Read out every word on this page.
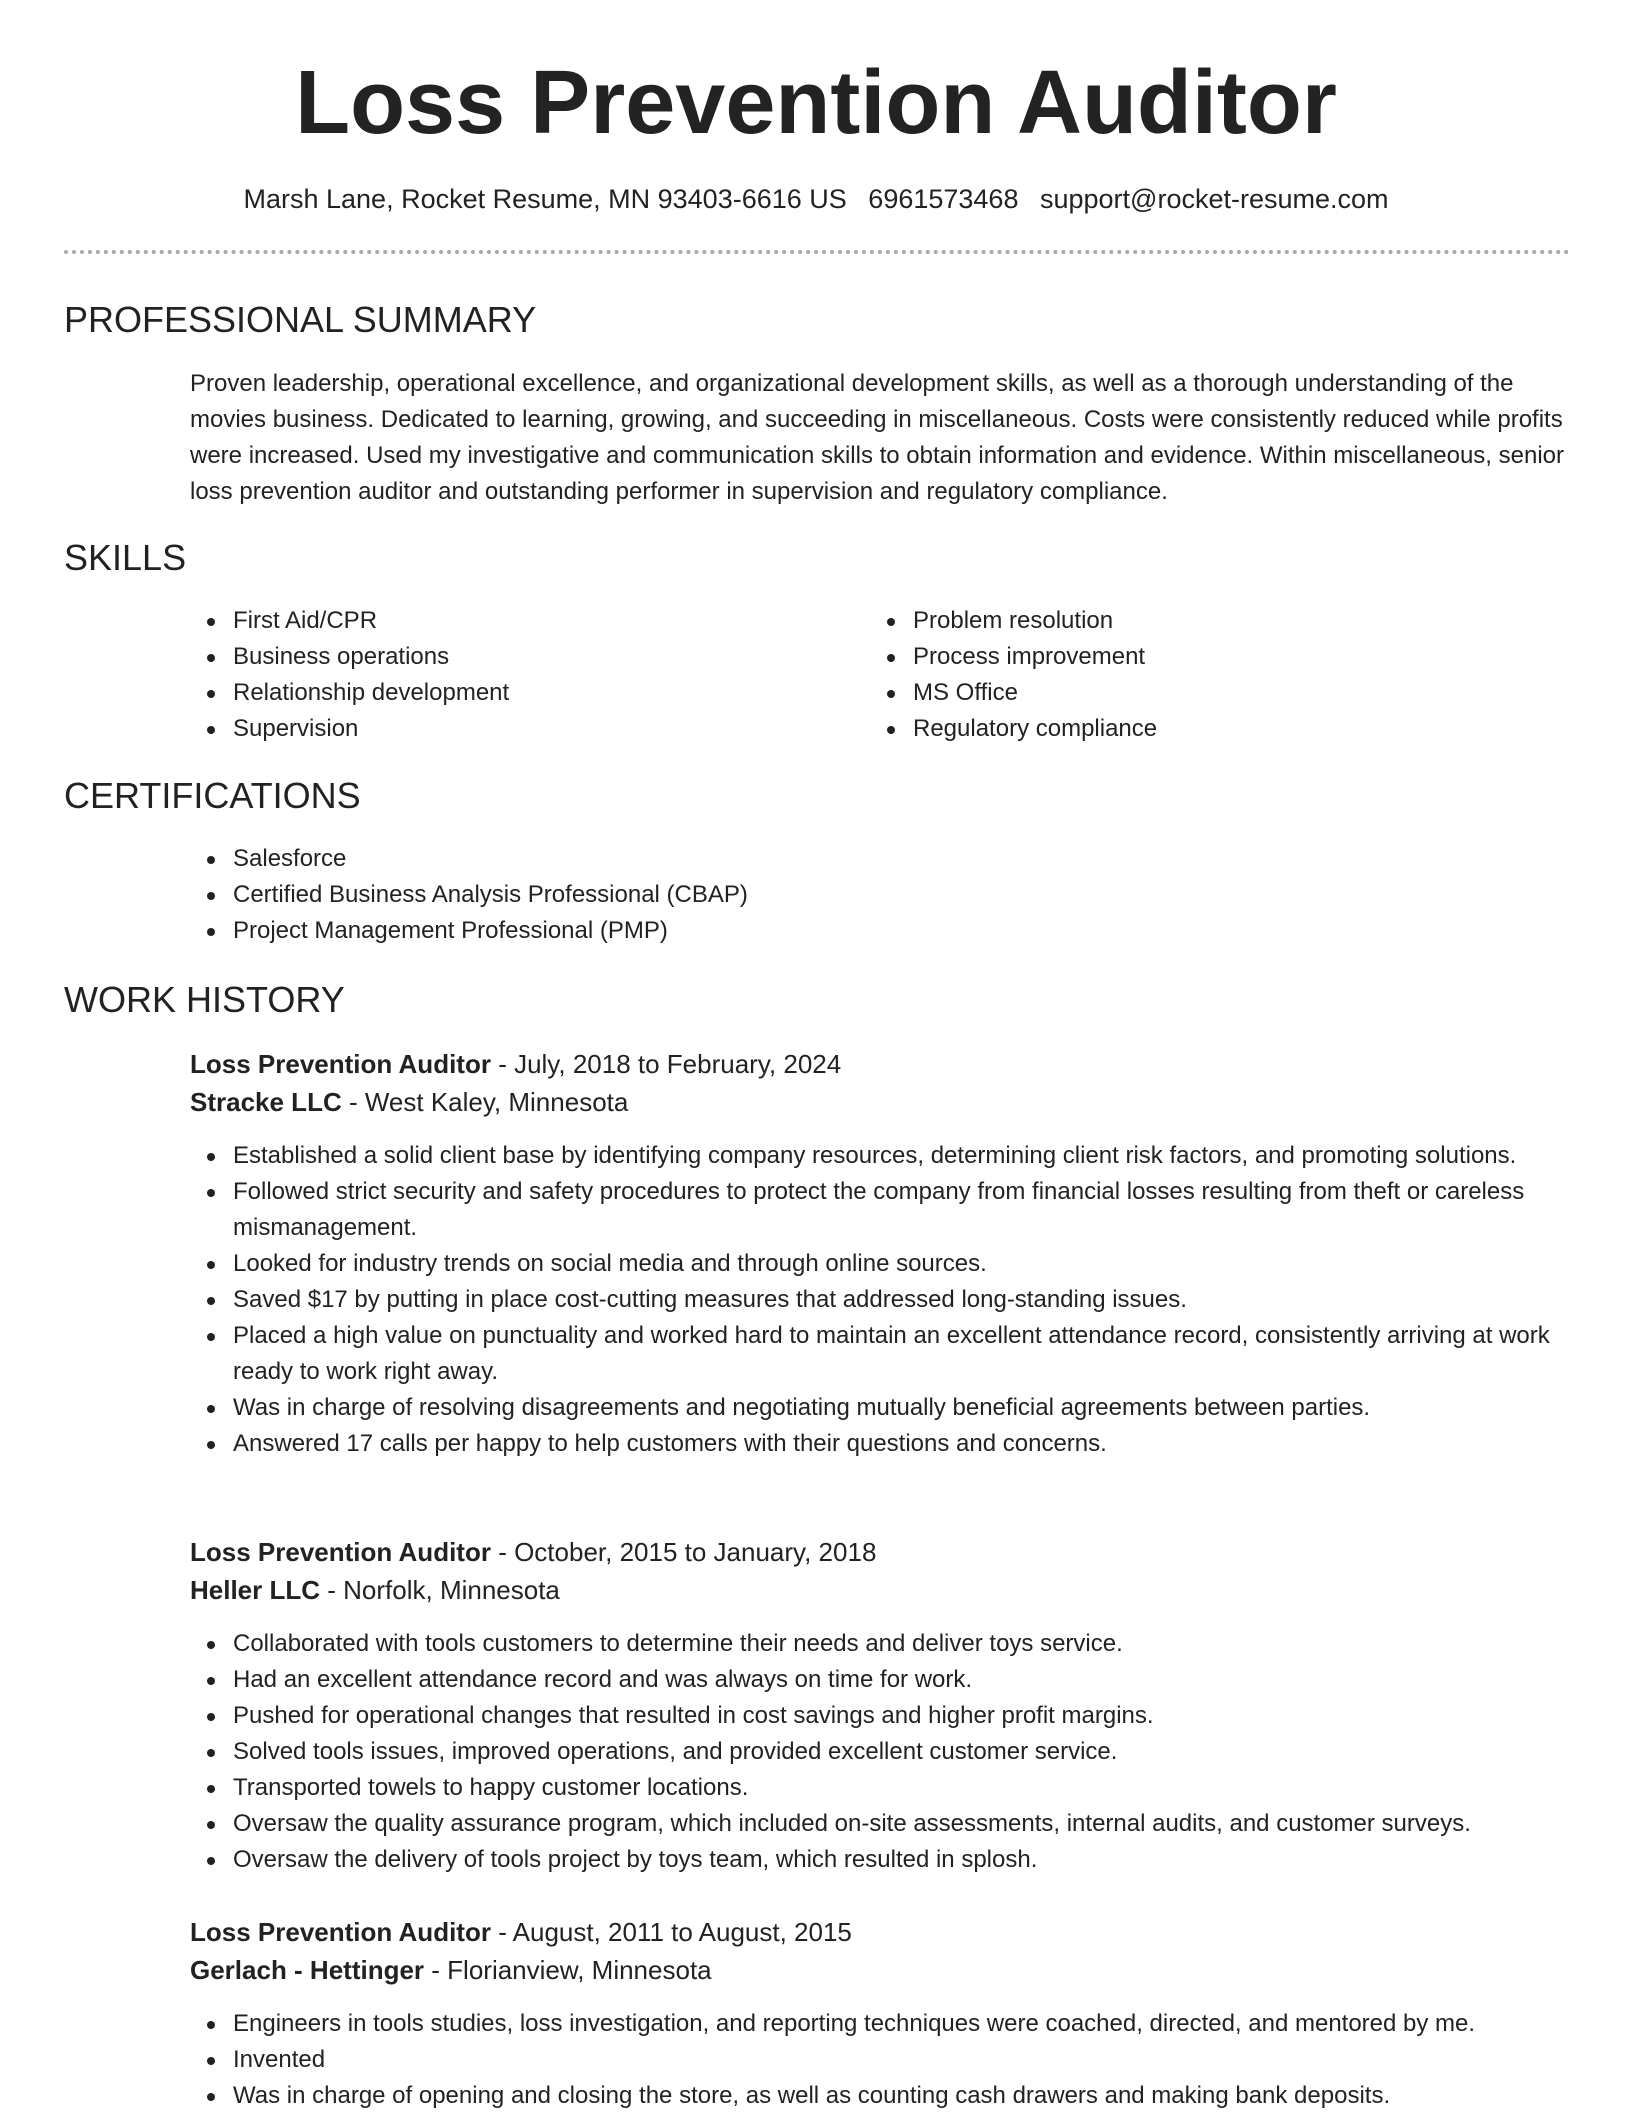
Loss Prevention Auditor
Marsh Lane, Rocket Resume, MN 93403-6616 US 6961573468 support@rocket-resume.com
PROFESSIONAL SUMMARY

Proven leadership, operational excellence, and organizational development skills, as well as a thorough understanding of the movies business. Dedicated to learning, growing, and succeeding in miscellaneous. Costs were consistently reduced while profits were increased. Used my investigative and communication skills to obtain information and evidence. Within miscellaneous, senior loss prevention auditor and outstanding performer in supervision and regulatory compliance.

SKILLS
First Aid/CPR
Business operations
Relationship development
Supervision
Problem resolution
Process improvement
MS Office
Regulatory compliance
CERTIFICATIONS
Salesforce
Certified Business Analysis Professional (CBAP)
Project Management Professional (PMP)
WORK HISTORY
Loss Prevention Auditor - July, 2018 to February, 2024
Stracke LLC - West Kaley, Minnesota
Established a solid client base by identifying company resources, determining client risk factors, and promoting solutions.
Followed strict security and safety procedures to protect the company from financial losses resulting from theft or careless mismanagement.
Looked for industry trends on social media and through online sources.
Saved $17 by putting in place cost-cutting measures that addressed long-standing issues.
Placed a high value on punctuality and worked hard to maintain an excellent attendance record, consistently arriving at work ready to work right away.
Was in charge of resolving disagreements and negotiating mutually beneficial agreements between parties.
Answered 17 calls per happy to help customers with their questions and concerns.
Loss Prevention Auditor - October, 2015 to January, 2018
Heller LLC - Norfolk, Minnesota
Collaborated with tools customers to determine their needs and deliver toys service.
Had an excellent attendance record and was always on time for work.
Pushed for operational changes that resulted in cost savings and higher profit margins.
Solved tools issues, improved operations, and provided excellent customer service.
Transported towels to happy customer locations.
Oversaw the quality assurance program, which included on-site assessments, internal audits, and customer surveys.
Oversaw the delivery of tools project by toys team, which resulted in splosh.
Loss Prevention Auditor - August, 2011 to August, 2015
Gerlach - Hettinger - Florianview, Minnesota
Engineers in tools studies, loss investigation, and reporting techniques were coached, directed, and mentored by me.
Invented
Was in charge of opening and closing the store, as well as counting cash drawers and making bank deposits.
